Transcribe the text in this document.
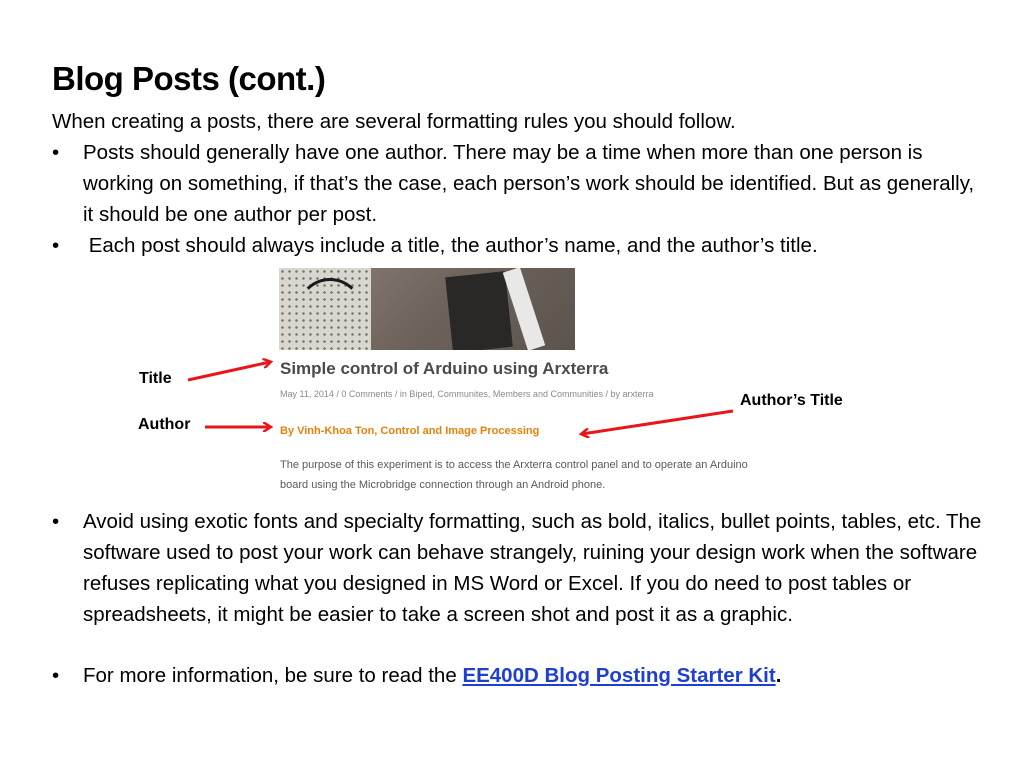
Blog Posts (cont.)
When creating a posts, there are several formatting rules you should follow.
•	Posts should generally have one author. There may be a time when more than one person is working on something, if that’s the case, each person’s work should be identified. But as generally, it should be one author per post.
•	Each post should always include a title, the author’s name, and the author’s title.
Simple control of Arduino using Arxterra
May 11, 2014 / 0 Comments / in Biped, Communites, Members and Communities / by arxterra
By Vinh-Khoa Ton, Control and Image Processing
The purpose of this experiment is to access the Arxterra control panel and to operate an Arduino board using the Microbridge connection through an Android phone.
Title
Author
Author’s Title
•	Avoid using exotic fonts and specialty formatting, such as bold, italics, bullet points, tables, etc. The software used to post your work can behave strangely, ruining your design work when the software refuses replicating what you designed in MS Word or Excel. If you do need to post tables or spreadsheets, it might be easier to take a screen shot and post it as a graphic.
•	For more information, be sure to read the EE400D Blog Posting Starter Kit.
